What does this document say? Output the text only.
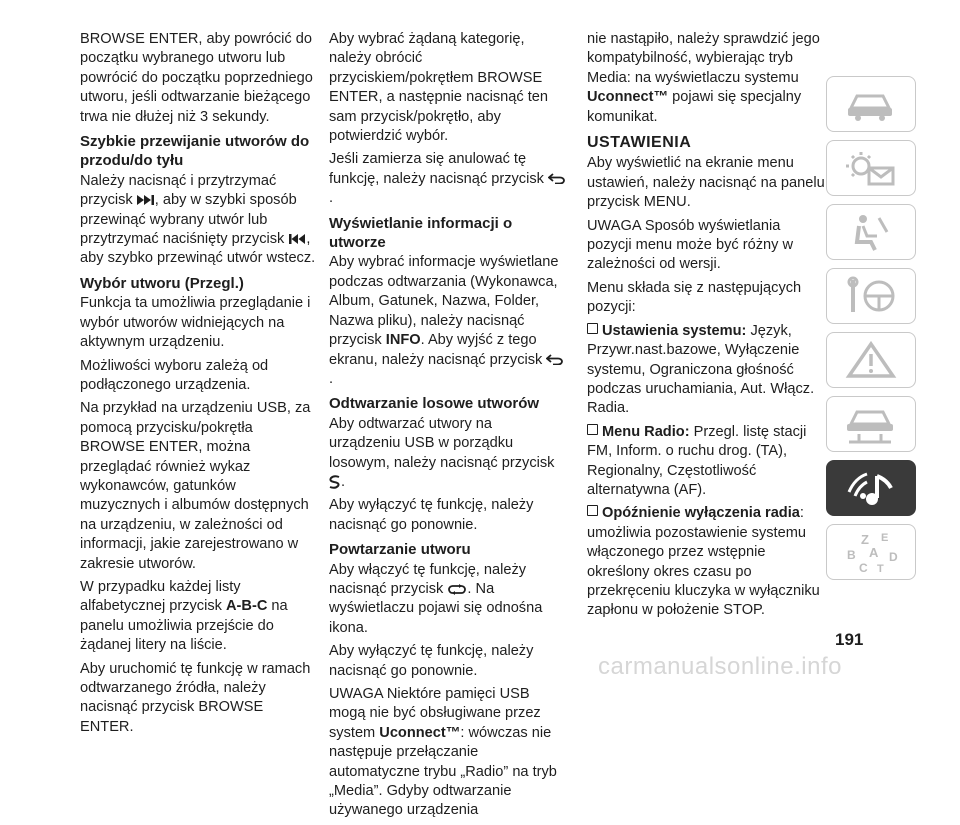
BROWSE ENTER, aby powrócić do początku wybranego utworu lub powrócić do początku poprzedniego utworu, jeśli odtwarzanie bieżącego trwa nie dłużej niż 3 sekundy.

Szybkie przewijanie utworów do przodu/do tyłu

Należy nacisnąć i przytrzymać przycisk , aby w szybki sposób przewinąć wybrany utwór lub przytrzymać naciśnięty przycisk , aby szybko przewinąć utwór wstecz.

Wybór utworu (Przegl.)

Funkcja ta umożliwia przeglądanie i wybór utworów widniejących na aktywnym urządzeniu.

Możliwości wyboru zależą od podłączonego urządzenia.

Na przykład na urządzeniu USB, za pomocą przycisku/pokrętła BROWSE ENTER, można przeglądać również wykaz wykonawców, gatunków muzycznych i albumów dostępnych na urządzeniu, w zależności od informacji, jakie zarejestrowano w zakresie utworów.

W przypadku każdej listy alfabetycznej przycisk A-B-C na panelu umożliwia przejście do żądanej litery na liście.

Aby uruchomić tę funkcję w ramach odtwarzanego źródła, należy nacisnąć przycisk BROWSE ENTER.

Aby wybrać żądaną kategorię, należy obrócić przyciskiem/pokrętłem BROWSE ENTER, a następnie nacisnąć ten sam przycisk/pokrętło, aby potwierdzić wybór.

Jeśli zamierza się anulować tę funkcję, należy nacisnąć przycisk .

Wyświetlanie informacji o utworze

Aby wybrać informacje wyświetlane podczas odtwarzania (Wykonawca, Album, Gatunek, Nazwa, Folder, Nazwa pliku), należy nacisnąć przycisk INFO. Aby wyjść z tego ekranu, należy nacisnąć przycisk .

Odtwarzanie losowe utworów

Aby odtwarzać utwory na urządzeniu USB w porządku losowym, należy nacisnąć przycisk .

Aby wyłączyć tę funkcję, należy nacisnąć go ponownie.

Powtarzanie utworu

Aby włączyć tę funkcję, należy nacisnąć przycisk . Na wyświetlaczu pojawi się odnośna ikona.

Aby wyłączyć tę funkcję, należy nacisnąć go ponownie.

UWAGA Niektóre pamięci USB mogą nie być obsługiwane przez system Uconnect™: wówczas nie następuje przełączanie automatyczne trybu „Radio” na tryb „Media”. Gdyby odtwarzanie używanego urządzenia

nie nastąpiło, należy sprawdzić jego kompatybilność, wybierając tryb Media: na wyświetlaczu systemu Uconnect™ pojawi się specjalny komunikat.

USTAWIENIA

Aby wyświetlić na ekranie menu ustawień, należy nacisnąć na panelu przycisk MENU.

UWAGA Sposób wyświetlania pozycji menu może być różny w zależności od wersji.

Menu składa się z następujących pozycji:

Ustawienia systemu: Język, Przywr.nast.bazowe, Wyłączenie systemu, Ograniczona głośność podczas uruchamiania, Aut. Włącz. Radia.

Menu Radio: Przegl. listę stacji FM, Inform. o ruchu drog. (TA), Regionalny, Częstotliwość alternatywna (AF).

Opóźnienie wyłączenia radia: umożliwia pozostawienie systemu włączonego przez wstępnie określony okres czasu po przekręceniu kluczyka w wyłączniku zapłonu w położenie STOP.

Z E
B A
C T
D
191
carmanualsonline.info
